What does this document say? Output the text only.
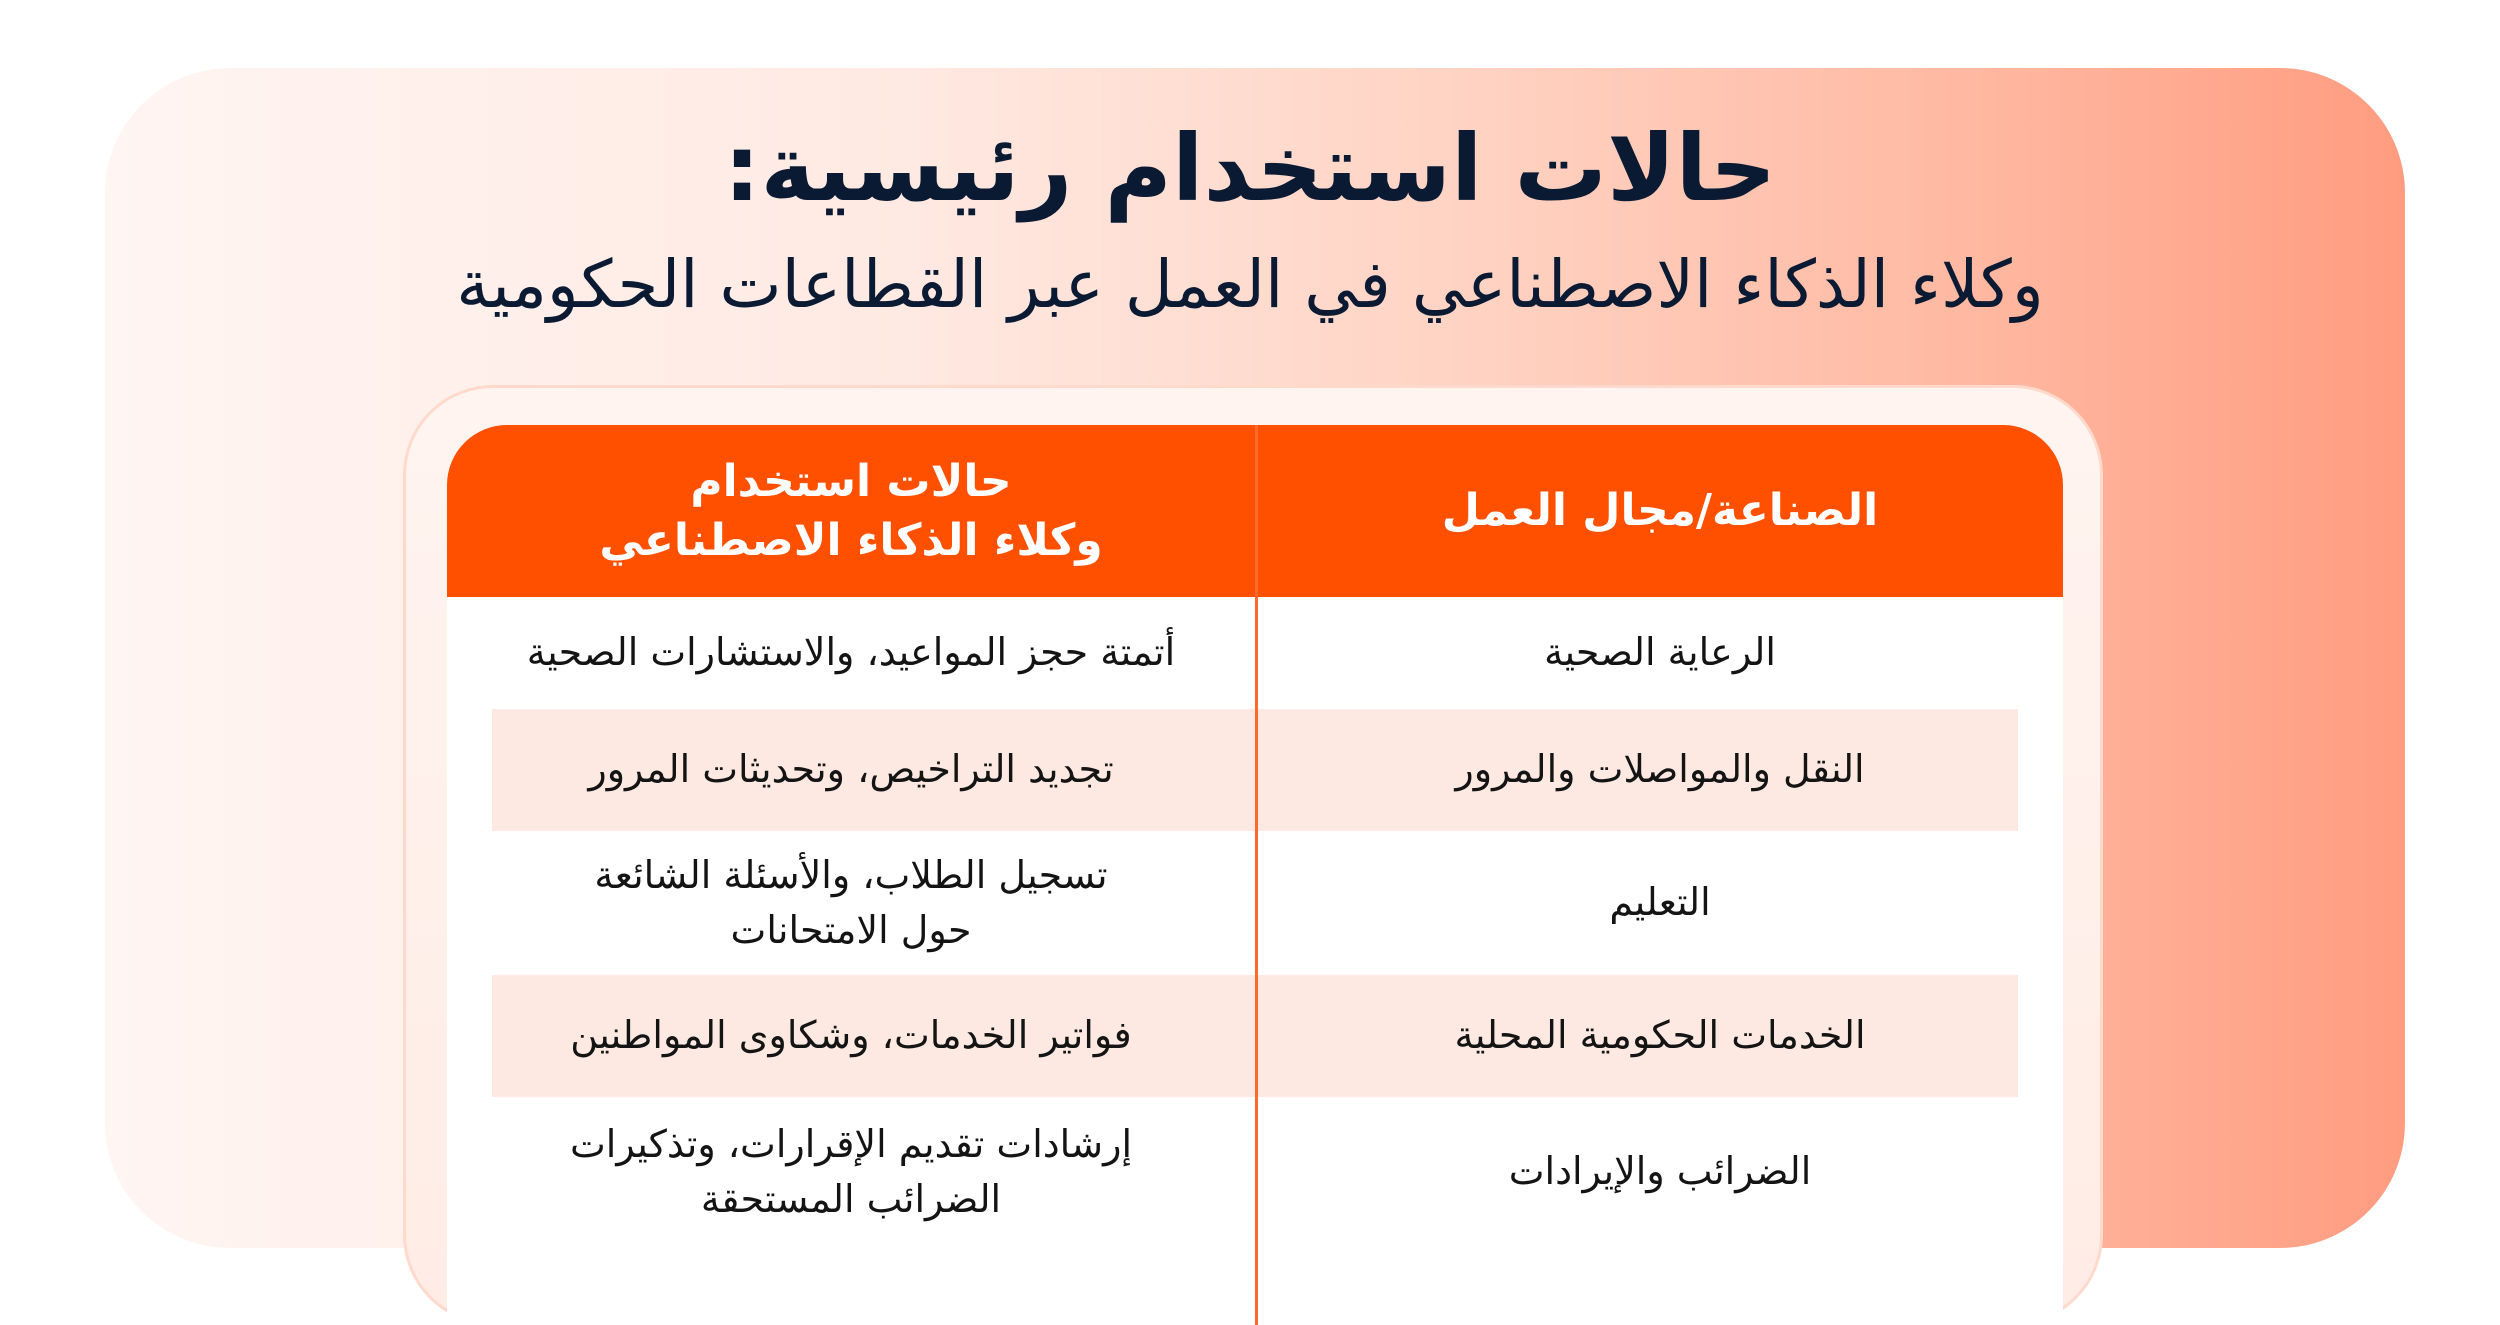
حالات استخدام رئيسية:
وكلاء الذكاء الاصطناعي في العمل عبر القطاعات الحكومية
الصناعة/مجال العمل
حالات استخدام
وكلاء الذكاء الاصطناعي
الرعاية الصحية
أتمتة حجز المواعيد، والاستشارات الصحية
النقل والمواصلات والمرور
تجديد التراخيص، وتحديثات المرور
التعليم
تسجيل الطلاب، والأسئلة الشائعة
حول الامتحانات
الخدمات الحكومية المحلية
فواتير الخدمات، وشكاوى المواطنين
الضرائب والإيرادات
إرشادات تقديم الإقرارات، وتذكيرات
الضرائب المستحقة
